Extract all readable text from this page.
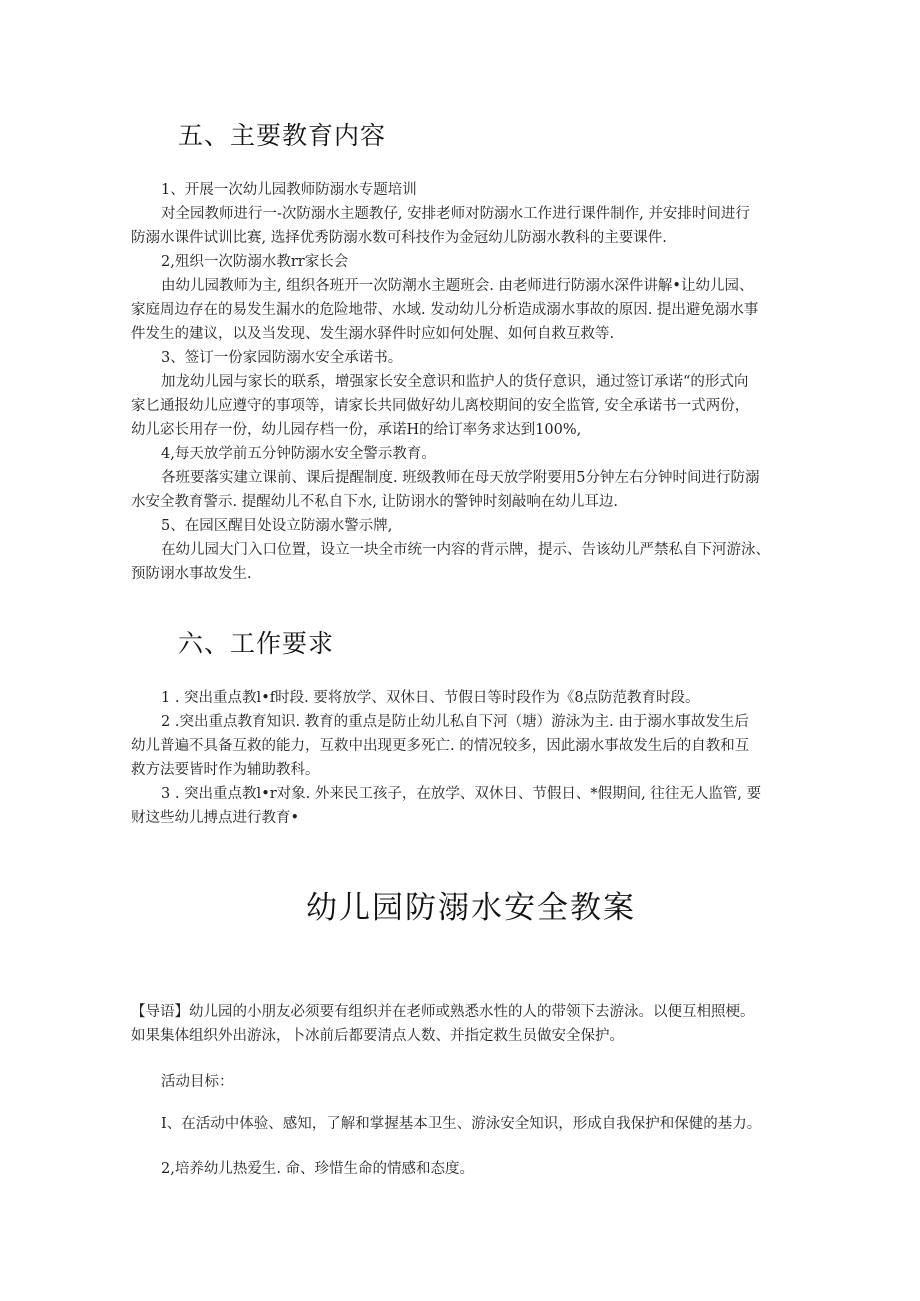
五、主要教育内容
1、开展一次幼儿园教师防溺水专题培训
对全园教师进行一-次防溺水主题教仔, 安排老师对防溺水工作进行课件制作, 并安排时间进行
防溺水课件试训比赛, 选择优秀防溺水数可科技作为金冠幼儿防溺水教科的主要课件.
2,殂织一次防溺水教rr家长会
由幼儿园教师为主, 组织各班开一次防潮水主题班会. 由老师进行防溺水深件讲解•让幼儿园、
家庭周边存在的易发生漏水的危险地带、水域. 发动幼儿分析造成溺水事故的原因. 提出避免溺水事
件发生的建议，以及当发现、发生溺水驿件时应如何处腥、如何自救互救等.
3、签订一份家园防溺水安全承诺书。
加龙幼儿园与家长的联系，增强家长安全意识和监护人的货仔意识，通过签订承诺“的形式向
家匕通报幼儿应遵守的事项等，请家长共同做好幼儿离校期间的安全监管, 安全承诺书一式两份，
幼儿宓长用存一份，幼儿园存档一份，承诺H的给订率务求达到100%,
4,每天放学前五分钟防溺水安全警示教育。
各班要落实建立课前、课后提醒制度. 班级教师在母天放学附要用5分钟左右分钟时间进行防溺
水安全教育警示. 提醒幼儿不私自下水, 让防诩水的警钟时刻敲响在幼儿耳边.
5、在园区醒目处设立防溺水警示牌,
在幼儿园大门入口位置，设立一块全市统一内容的背示牌，提示、告该幼儿严禁私自下河游泳、
预防诩水事故发生.
六、工作要求
1 . 突出重点教l•f时段. 要将放学、双休日、节假日等时段作为《8点防范教育时段。
2 .突出重点教育知识. 教育的重点是防止幼儿私自下河（塘）游泳为主. 由于溺水事故发生后
幼儿普遍不具备互救的能力，互救中出现更多死亡. 的情况较多，因此溺水事故发生后的自教和互
救方法要皆时作为辅助教科。
3 . 突出重点教l•r对象. 外来民工孩子，在放学、双休日、节假日、*假期间, 往往无人监管, 要
财这些幼儿搏点进行教育•
幼儿园防溺水安全教案
【导语】幼儿园的小朋友必须要有组织并在老师或熟悉水性的人的带领下去游泳。以便互相照梗。
如果集体组织外出游泳，卜冰前后都要清点人数、并指定救生员做安全保护。
活动目标：
I、在活动中体验、感知，了解和掌握基本卫生、游泳安全知识，形成自我保护和保健的基力。
2,培养幼儿热爱生. 命、珍惜生命的情感和态度。
